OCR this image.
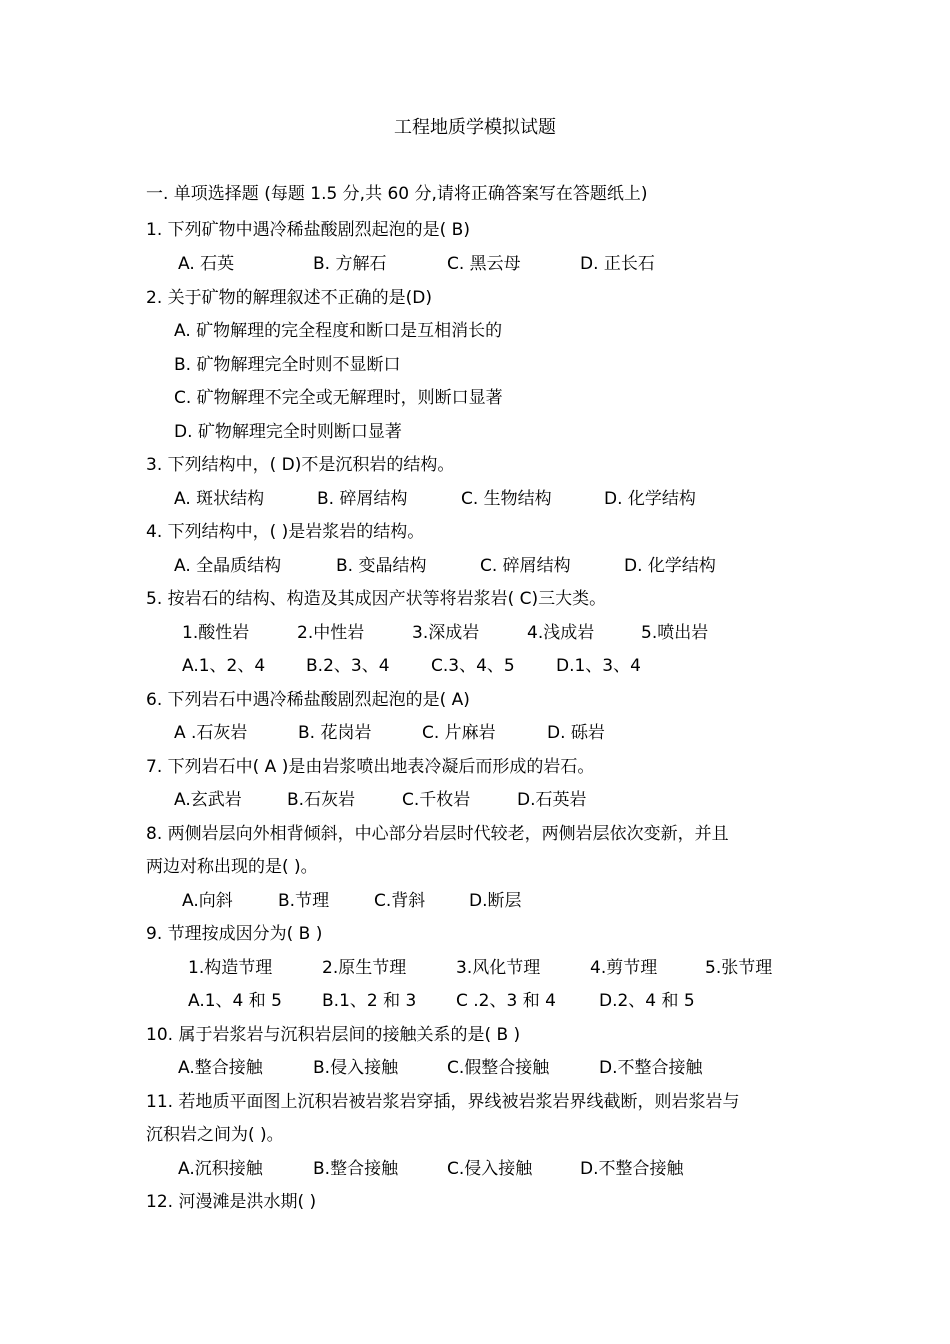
工程地质学模拟试题
一. 单项选择题 (每题 1.5 分,共 60 分,请将正确答案写在答题纸上)
1. 下列矿物中遇冷稀盐酸剧烈起泡的是( B)
A. 石英	B. 方解石	C. 黑云母	D. 正长石
2. 关于矿物的解理叙述不正确的是(D)
A. 矿物解理的完全程度和断口是互相消长的
B. 矿物解理完全时则不显断口
C. 矿物解理不完全或无解理时，则断口显著
D. 矿物解理完全时则断口显著
3. 下列结构中，( D)不是沉积岩的结构。
A. 斑状结构	B. 碎屑结构	C. 生物结构	D. 化学结构
4. 下列结构中，( )是岩浆岩的结构。
A. 全晶质结构	B. 变晶结构	C. 碎屑结构	D. 化学结构
5. 按岩石的结构、构造及其成因产状等将岩浆岩( C)三大类。
1.酸性岩	2.中性岩	3.深成岩	4.浅成岩	5.喷出岩
A.1、2、4 B.2、3、4 C.3、4、5 D.1、3、4
6. 下列岩石中遇冷稀盐酸剧烈起泡的是( A)
A .石灰岩	B. 花岗岩	C. 片麻岩	D. 砾岩
7. 下列岩石中( A )是由岩浆喷出地表冷凝后而形成的岩石。
A.玄武岩	B.石灰岩	C.千枚岩	D.石英岩
8. 两侧岩层向外相背倾斜，中心部分岩层时代较老，两侧岩层依次变新，并且
两边对称出现的是( )。
A.向斜	B.节理	C.背斜	D.断层
9. 节理按成因分为( B )
1.构造节理	2.原生节理	3.风化节理	4.剪节理	5.张节理
A.1、4 和 5 B.1、2 和 3 C .2、3 和 4	D.2、4 和 5
10. 属于岩浆岩与沉积岩层间的接触关系的是( B )
A.整合接触	B.侵入接触	C.假整合接触	D.不整合接触
11. 若地质平面图上沉积岩被岩浆岩穿插，界线被岩浆岩界线截断，则岩浆岩与
沉积岩之间为( )。
A.沉积接触	B.整合接触	C.侵入接触	D.不整合接触
12. 河漫滩是洪水期( )
